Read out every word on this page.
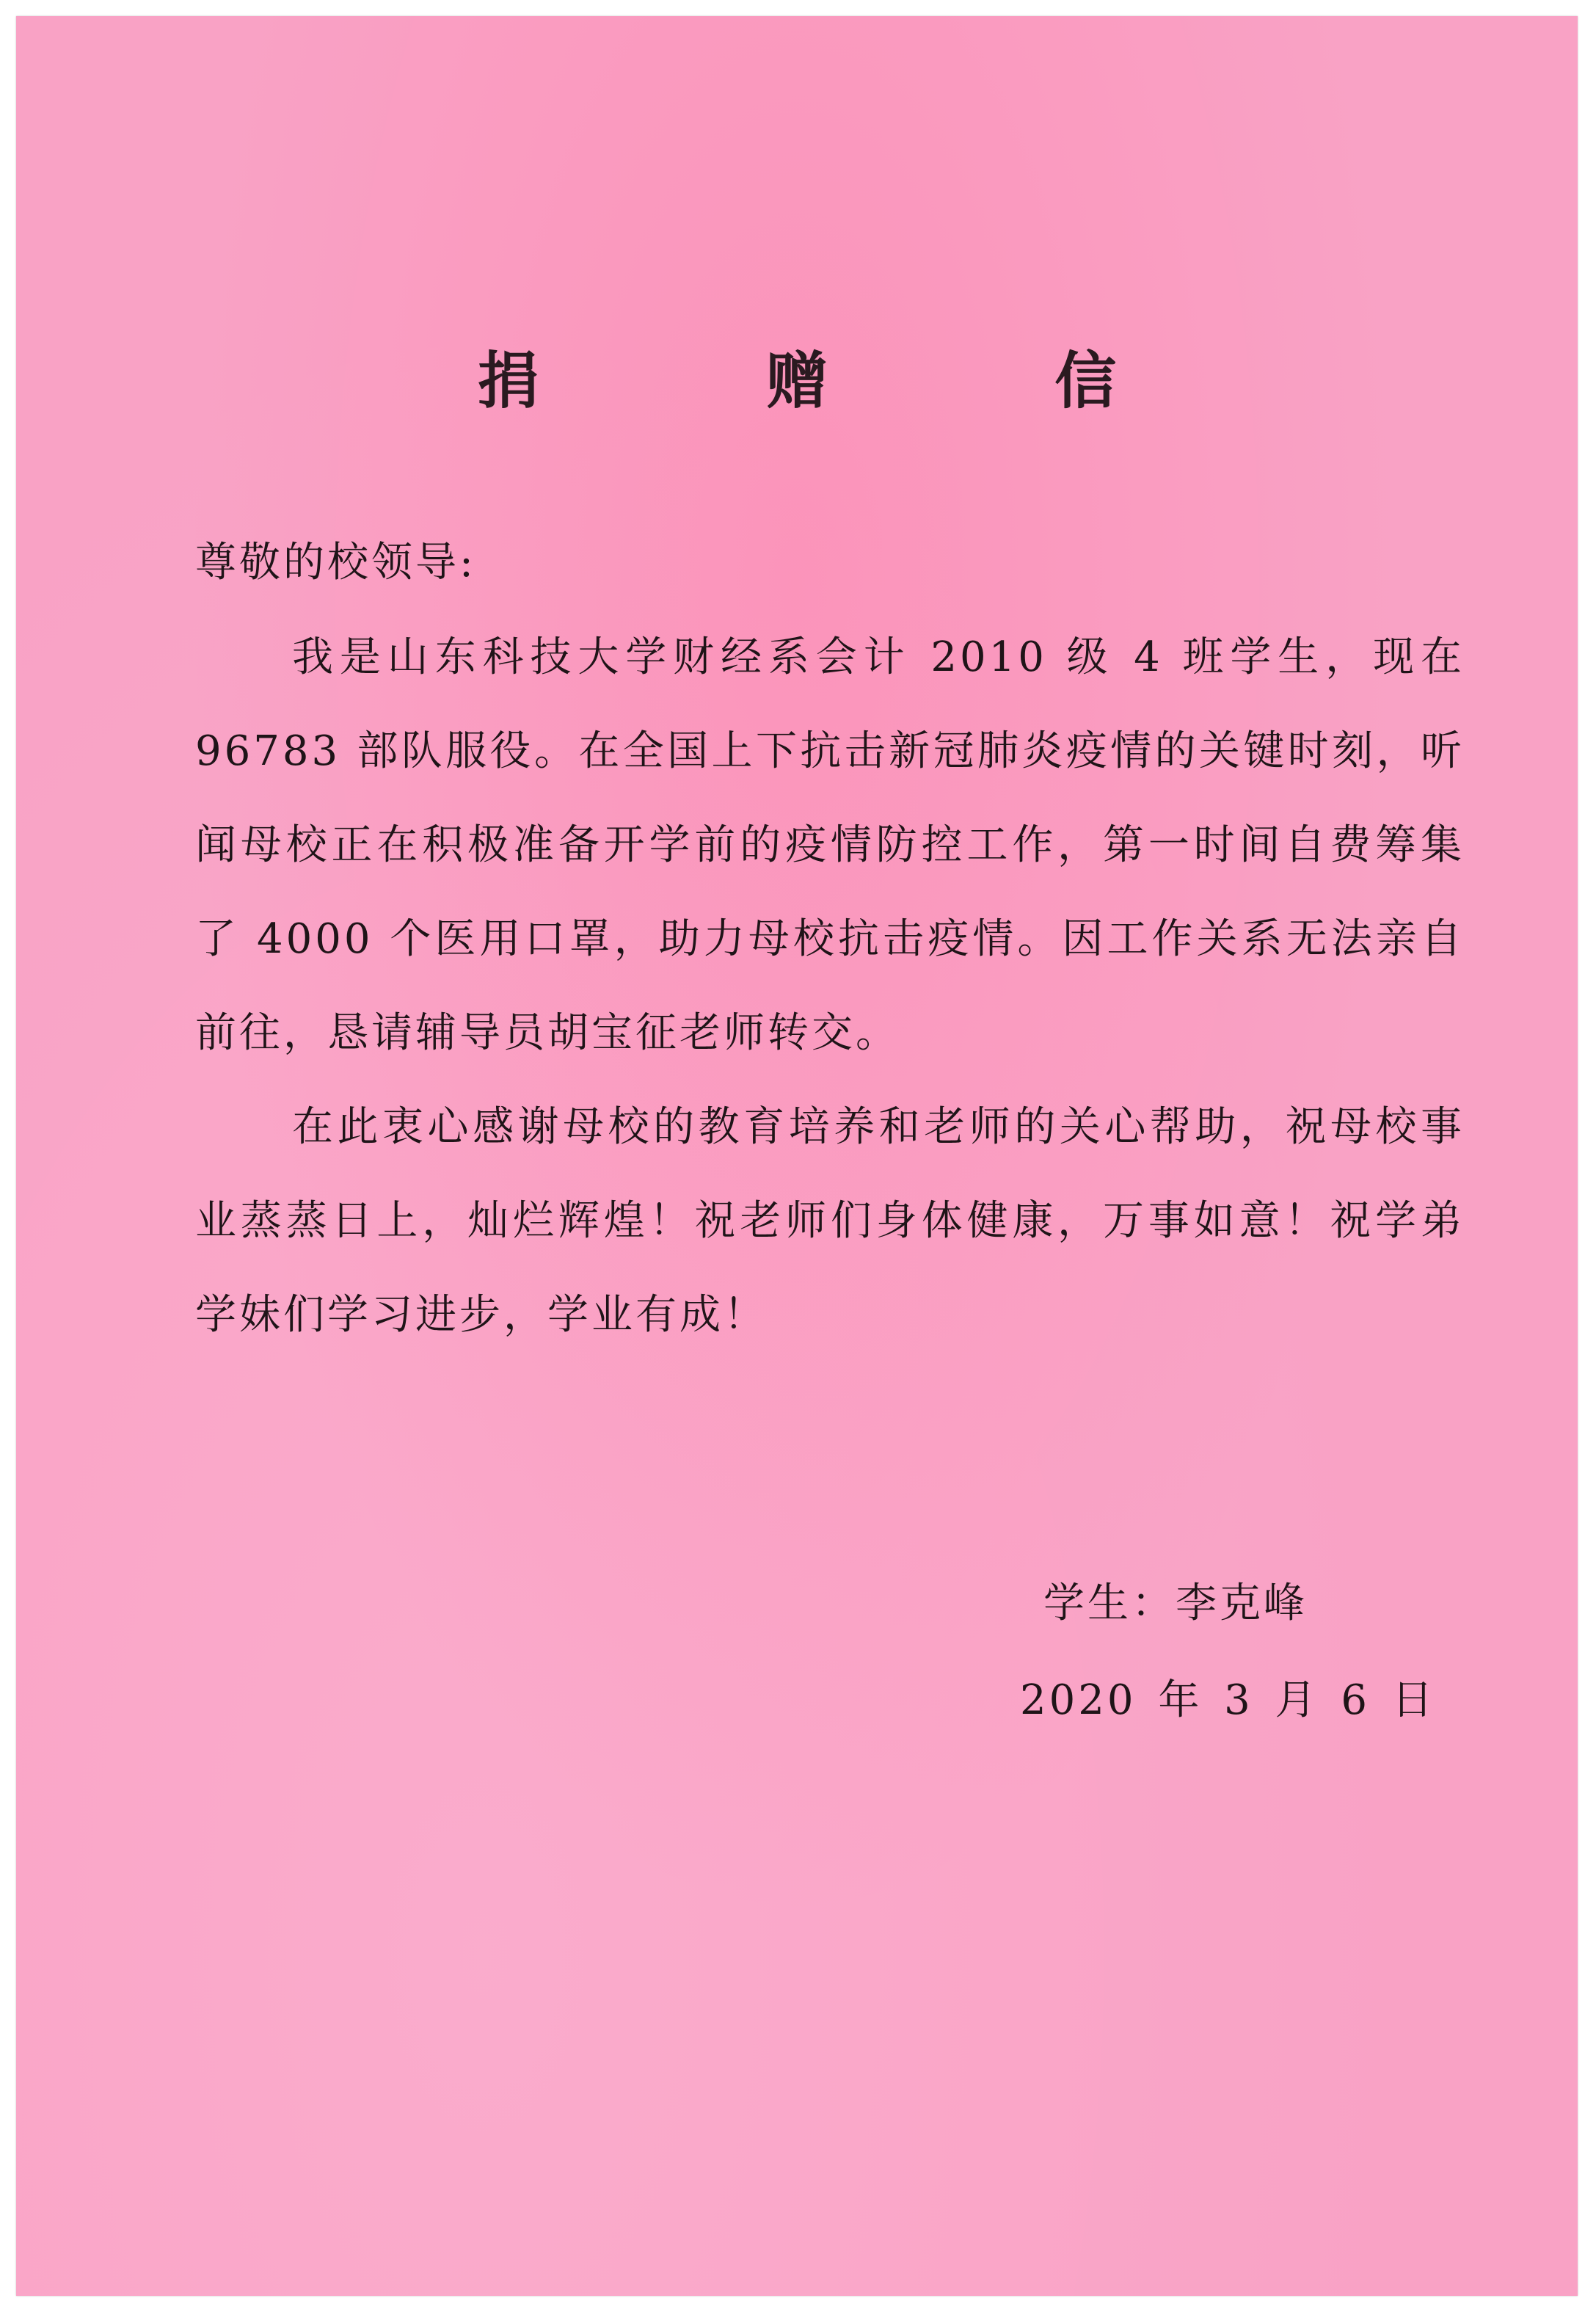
捐 赠 信

尊敬的校领导:

我是山东科技大学财经系会计 2010 级 4 班学生，现在 96783 部队服役。在全国上下抗击新冠肺炎疫情的关键时刻，听闻母校正在积极准备开学前的疫情防控工作，第一时间自费筹集了 4000 个医用口罩，助力母校抗击疫情。因工作关系无法亲自前往，恳请辅导员胡宝征老师转交。

在此衷心感谢母校的教育培养和老师的关心帮助，祝母校事业蒸蒸日上，灿烂辉煌！祝老师们身体健康，万事如意！祝学弟学妹们学习进步，学业有成！

学生：李克峰

2020 年 3 月 6 日
